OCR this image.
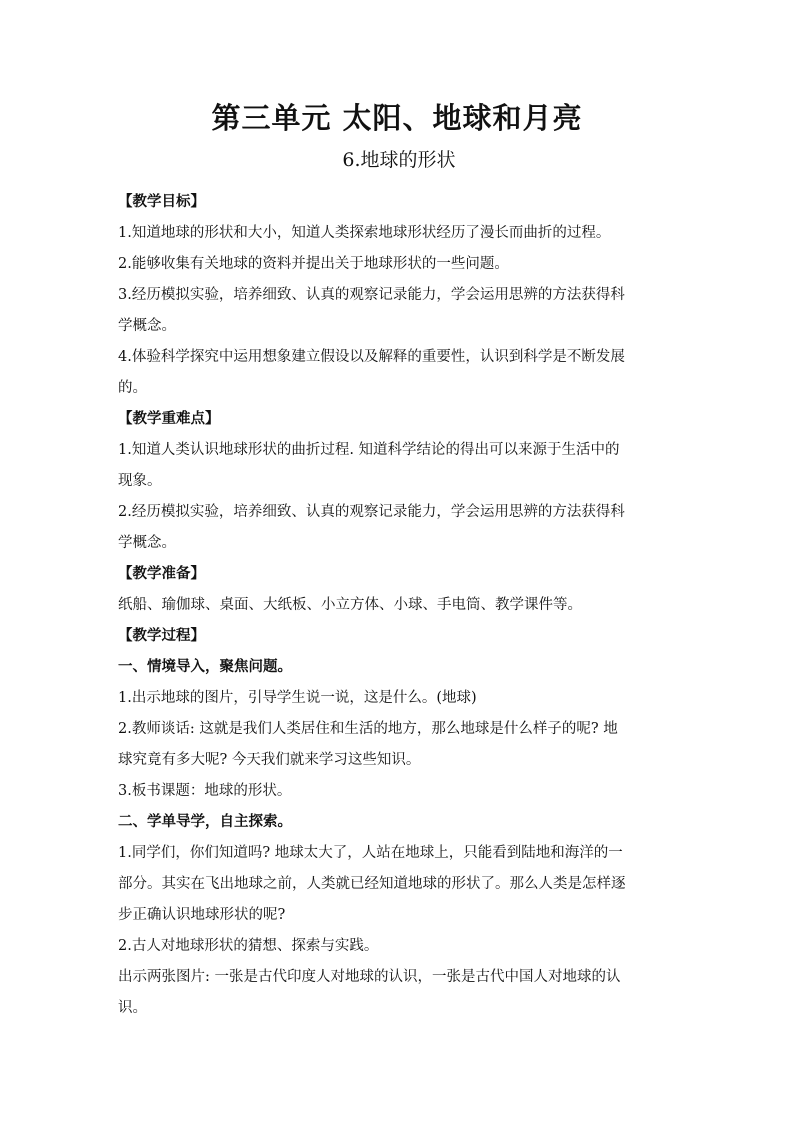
第三单元 太阳、地球和月亮
6.地球的形状

【教学目标】

1.知道地球的形状和大小，知道人类探索地球形状经历了漫长而曲折的过程。

2.能够收集有关地球的资料并提出关于地球形状的一些问题。

3.经历模拟实验，培养细致、认真的观察记录能力，学会运用思辨的方法获得科

学概念。

4.体验科学探究中运用想象建立假设以及解释的重要性，认识到科学是不断发展

的。

【教学重难点】

1.知道人类认识地球形状的曲折过程. 知道科学结论的得出可以来源于生活中的

现象。

2.经历模拟实验，培养细致、认真的观察记录能力，学会运用思辨的方法获得科

学概念。

【教学准备】

纸船、瑜伽球、桌面、大纸板、小立方体、小球、手电筒、教学课件等。

【教学过程】

一、情境导入，聚焦问题。

1.出示地球的图片，引导学生说一说，这是什么。(地球)

2.教师谈话: 这就是我们人类居住和生活的地方，那么地球是什么样子的呢? 地

球究竟有多大呢? 今天我们就来学习这些知识。

3.板书课题：地球的形状。

二、学单导学，自主探索。

1.同学们，你们知道吗? 地球太大了，人站在地球上，只能看到陆地和海洋的一

部分。其实在飞出地球之前，人类就已经知道地球的形状了。那么人类是怎样逐

步正确认识地球形状的呢?

2.古人对地球形状的猜想、探索与实践。

出示两张图片: 一张是古代印度人对地球的认识，一张是古代中国人对地球的认

识。
